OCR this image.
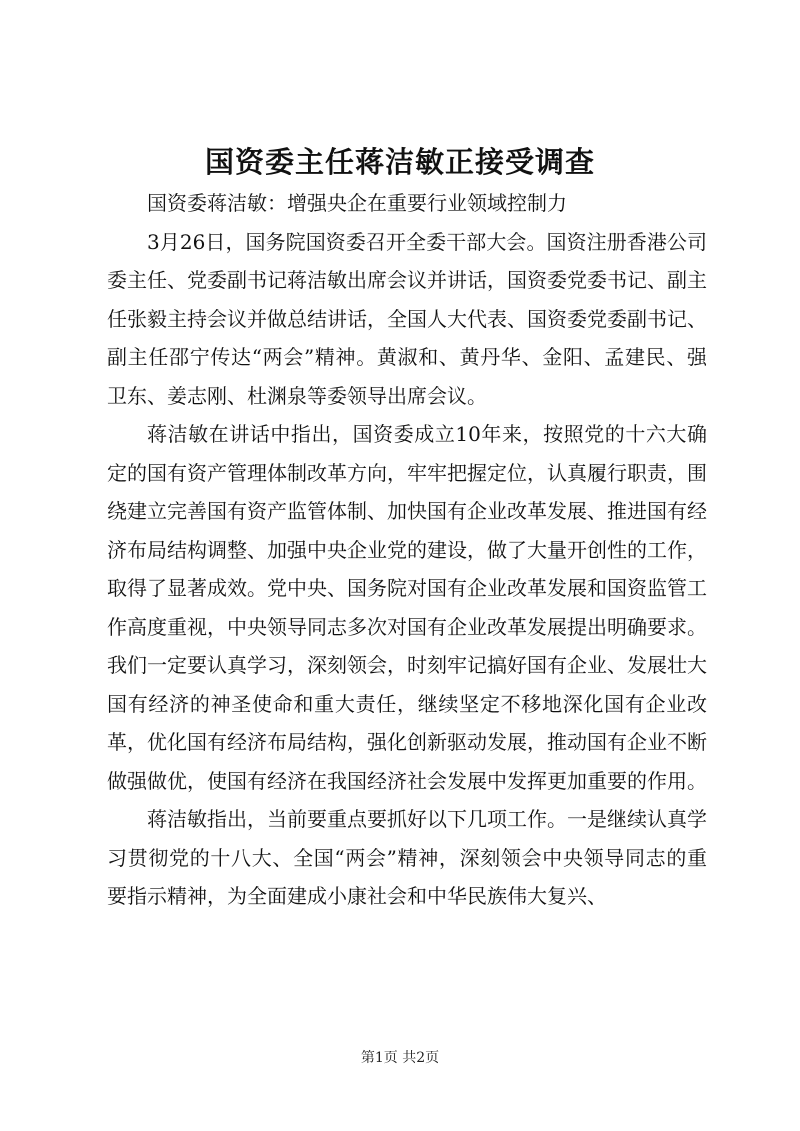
国资委主任蒋洁敏正接受调查

国资委蒋洁敏：增强央企在重要行业领域控制力

3月26日，国务院国资委召开全委干部大会。国资注册香港公司委主任、党委副书记蒋洁敏出席会议并讲话，国资委党委书记、副主任张毅主持会议并做总结讲话，全国人大代表、国资委党委副书记、副主任邵宁传达“两会”精神。黄淑和、黄丹华、金阳、孟建民、强卫东、姜志刚、杜渊泉等委领导出席会议。

蒋洁敏在讲话中指出，国资委成立10年来，按照党的十六大确定的国有资产管理体制改革方向，牢牢把握定位，认真履行职责，围绕建立完善国有资产监管体制、加快国有企业改革发展、推进国有经济布局结构调整、加强中央企业党的建设，做了大量开创性的工作，取得了显著成效。党中央、国务院对国有企业改革发展和国资监管工作高度重视，中央领导同志多次对国有企业改革发展提出明确要求。我们一定要认真学习，深刻领会，时刻牢记搞好国有企业、发展壮大国有经济的神圣使命和重大责任，继续坚定不移地深化国有企业改革，优化国有经济布局结构，强化创新驱动发展，推动国有企业不断做强做优，使国有经济在我国经济社会发展中发挥更加重要的作用。

蒋洁敏指出，当前要重点要抓好以下几项工作。一是继续认真学习贯彻党的十八大、全国“两会”精神，深刻领会中央领导同志的重要指示精神，为全面建成小康社会和中华民族伟大复兴、

第1页 共2页
